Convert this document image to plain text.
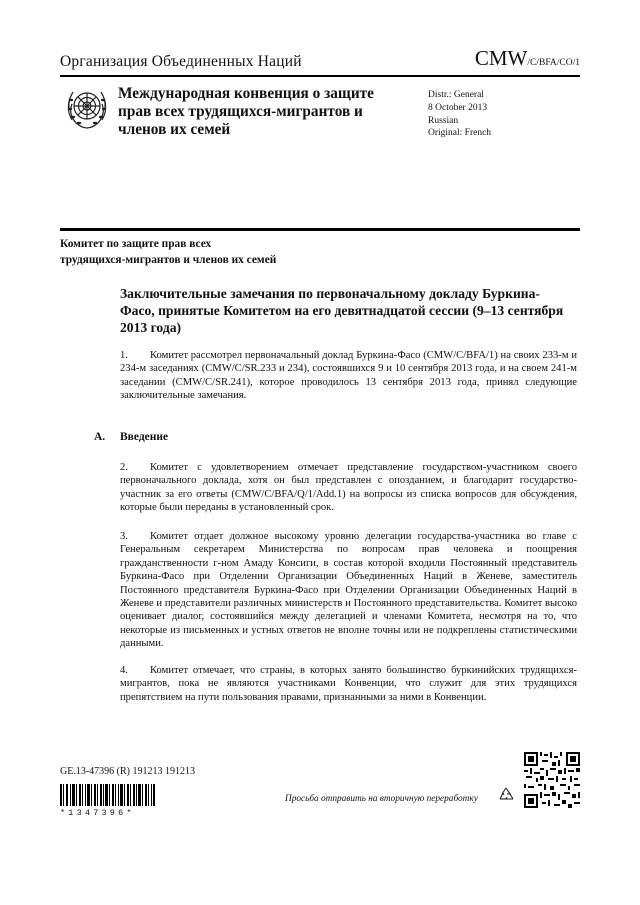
Организация Объединенных Наций	CMW/C/BFA/CO/1
Международная конвенция о защите прав всех трудящихся-мигрантов и членов их семей
Distr.: General
8 October 2013
Russian
Original: French
Комитет по защите прав всех
трудящихся-мигрантов и членов их семей
Заключительные замечания по первоначальному докладу Буркина-Фасо, принятые Комитетом на его девятнадцатой сессии (9–13 сентября 2013 года)
1. Комитет рассмотрел первоначальный доклад Буркина-Фасо (CMW/C/BFA/1) на своих 233-м и 234-м заседаниях (CMW/C/SR.233 и 234), состоявшихся 9 и 10 сентября 2013 года, и на своем 241-м заседании (CMW/C/SR.241), которое проводилось 13 сентября 2013 года, принял следующие заключительные замечания.
A. Введение
2. Комитет с удовлетворением отмечает представление государством-участником своего первоначального доклада, хотя он был представлен с опозданием, и благодарит государство-участник за его ответы (CMW/C/BFA/Q/1/Add.1) на вопросы из списка вопросов для обсуждения, которые были переданы в установленный срок.
3. Комитет отдает должное высокому уровню делегации государства-участника во главе с Генеральным секретарем Министерства по вопросам прав человека и поощрения гражданственности г-ном Амаду Консиги, в состав которой входили Постоянный представитель Буркина-Фасо при Отделении Организации Объединенных Наций в Женеве, заместитель Постоянного представителя Буркина-Фасо при Отделении Организации Объединенных Наций в Женеве и представители различных министерств и Постоянного представительства. Комитет высоко оценивает диалог, состоявшийся между делегацией и членами Комитета, несмотря на то, что некоторые из письменных и устных ответов не вполне точны или не подкреплены статистическими данными.
4. Комитет отмечает, что страны, в которых занято большинство буркинийских трудящихся-мигрантов, пока не являются участниками Конвенции, что служит для этих трудящихся препятствием на пути пользования правами, признанными за ними в Конвенции.
GE.13-47396 (R) 191213 191213
*1347396*
Просьба отправить на вторичную переработку
